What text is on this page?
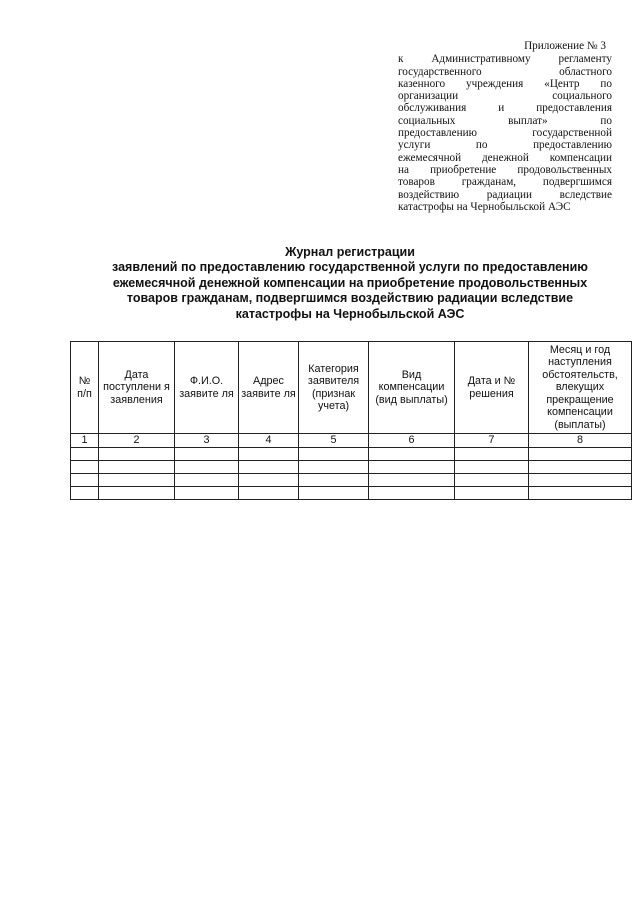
Приложение № 3
к Административному регламенту
государственного	областного
казенного учреждения «Центр по
организации	социального
обслуживания	и	предоставления
социальных	выплат»	по
предоставлению	государственной
услуги	по	предоставлению
ежемесячной денежной компенсации
на приобретение продовольственных
товаров гражданам, подвергшимся
воздействию радиации вследствие
катастрофы на Чернобыльской АЭС
Журнал регистрации
заявлений по предоставлению государственной услуги по предоставлению
ежемесячной денежной компенсации на приобретение продовольственных
товаров гражданам, подвергшимся воздействию радиации вследствие
катастрофы на Чернобыльской АЭС
№ п/п	Дата поступлени я заявления	Ф.И.О. заявите ля	Адрес заявите ля	Категория заявителя (признак учета)	Вид компенсации (вид выплаты)	Дата и № решения	Месяц и год наступления обстоятельств, влекущих прекращение компенсации (выплаты)
1	2	3	4	5	6	7	8
